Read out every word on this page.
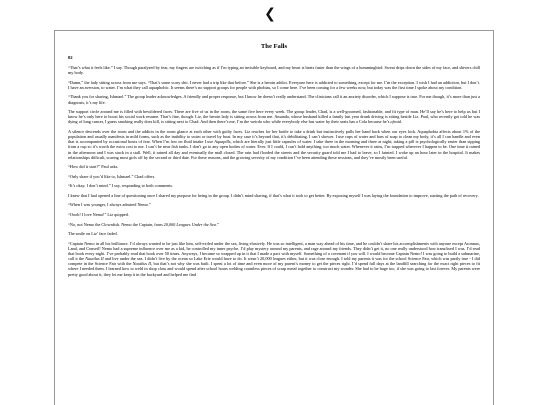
❮
The Falls
02

“That’s what it feels like.” I say. Though paralyzed by fear, my fingers are twitching as if I’m typing an invisible keyboard, and my heart is beats faster than the wings of a hummingbird. Sweat drips down the sides of my face, and shivers chill my body.

“Damn,” the lady sitting across from me says. “That’s some scary shit. I never had a trip like that before.” She is a heroin addict. Everyone here is addicted to something, except for me. I’m the exception. I wish I had an addiction, but I don’t. I have an aversion, to water. I’m what they call aquaphobic. It seems there’s no support groups for people with phobias, so I come here. I’ve been coming for a few weeks now, but today was the first time I spoke about my condition.

“Thank you for sharing, Ishmael.” The group leader acknowledges. A friendly and proper response, but I know he doesn’t really understand. The clinicians call it an anxiety disorder, which I suppose is true. For me though, it’s more than just a diagnosis, it’s my life.

The support circle around me is filled with bewildered faces. There are five of us in the room, the same five here every week. The group leader, Chad, is a well-groomed, fashionable, and fit type of man. He’ll say he’s here to help us but I know he’s only here to boost his social work resume. That’s fine, though. Liz, the heroin lady is sitting across from me. Amanda, whose husband killed a family last year drunk driving is sitting beside Liz. Paul, who recently got told he was dying of lung cancer, I guess smoking really does kill, is sitting next to Chad. And then there’s me, I’m the weirdo who while everybody else has water by their seats has a Cola because he’s afraid.

A silence descends over the room and the addicts in the room glance at each other with guilty faces. Liz reaches for her bottle to take a drink but instinctively pulls her hand back when our eyes lock. Aquaphobia affects about 1% of the population and usually manifests in mild forms, such as the inability to swim or travel by boat. In my case it’s beyond that, it’s debilitating. I can’t shower. I use cups of water and bars of soap to clean my body, it’s all I can handle and even that is accompanied by occasional bouts of fear. When I’m low on fluid intake I use Aquapills, which are literally just little capsules of water. I take three in the morning and three at night; taking a pill is psychologically easier than sipping from a cup so it’s worth the extra cost to me. I can’t be near fish tanks. I don’t go to any open bodies of water. Ever. If I could, I can’t hold anything, too much water. Whenever it rains, I’m trapped wherever I happen to be. One time it rained in the afternoon and I was stuck in a stall. Well, it rained all day and eventually the mall closed. The rain had flooded the streets and the security guard told me I had to leave, so I fainted. I woke up an hour later in the hospital. It makes relationships difficult, scaring most girls off by the second or third date. For these reasons, and the growing severity of my condition I’ve been attending these sessions, and they’ve mostly been useful.

“How did it start?” Paul asks.

“Only share if you’d like to, Ishmael.” Chad offers.

“It’s okay. I don’t mind.” I say, responding to both comments.

I knew that I had opened a line of questioning once I shared my purpose for being in the group. I didn’t mind sharing, if that’s what it took to get better. By exposing myself I was laying the foundation to improve, starting the path of recovery.

“When I was younger, I always admired Nemo.”

“Oooh! I love Nemo!” Liz quipped.

“No, not Nemo the Clownfish. Nemo the Captain, from 20,000 Leagues Under the Sea.”

The smile on Liz’ face faded.

“Captain Nemo in all his brilliance. I’d always wanted to be just like him, self-exiled under the sea, living elusively. He was so intelligent, a man way ahead of his time, and he couldn’t share his accomplishments with anyone except Aronnax, Land, and Conseil! Nemo had a supreme influence over me as a kid, he controlled my inner psyche. I’d play mystery around my parents, and rage around my friends. They didn’t get it, no one really understood how transfixed I was. I’d read that book every night. I’ve probably read that book over 50 times. Anyways, I became so wrapped up in it that I made a pact with myself. Something of a covenant if you will. I would become Captain Nemo! I was going to build a submarine, call it the Nautilus II and live under the sea. I didn’t live by the ocean so Lake Erie would have to do. It wasn’t 20,000 leagues either, but it was close enough. I told my parents it was for the school Science Fair, which was partly true - I did compete in the Science Fair with the Nautilus II, but that’s not why she was built. I spent a lot of time and even more of my parent’s money to get the pieces right. I’d spend full days at the landfill searching for the exact right pieces to fit where I needed them. I learned how to weld in shop class and would spend after school hours welding countless pieces of scrap metal together to construct my wonder. She had to be huge too, if she was going to last forever. My parents were pretty good about it; they let me keep it in the backyard and helped me find
